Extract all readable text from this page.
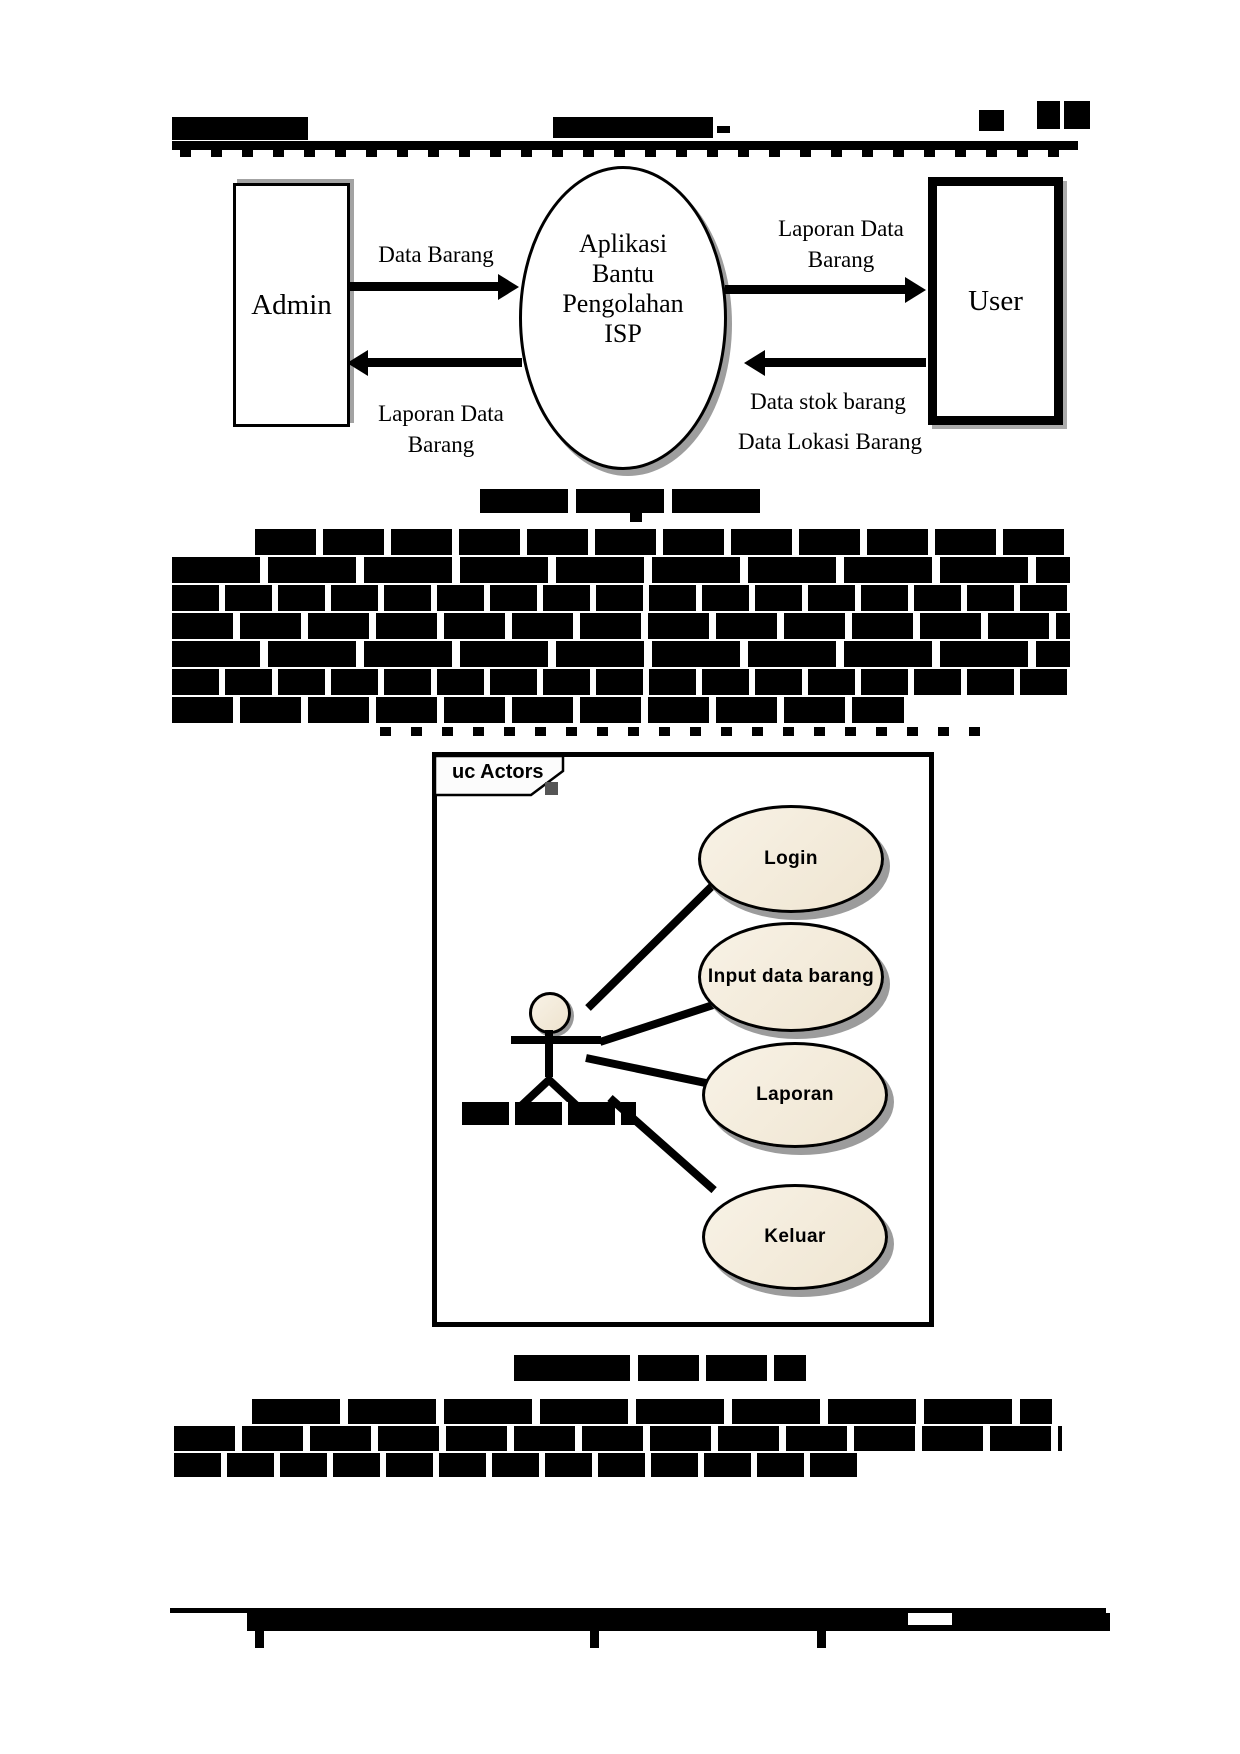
Admin	User
Aplikasi
Bantu
Pengolahan
ISP
Data Barang
Laporan Data
Barang
Laporan Data
Barang
Data stok barang
Data Lokasi Barang
uc Actors
Login
Input data barang
Laporan
Keluar
